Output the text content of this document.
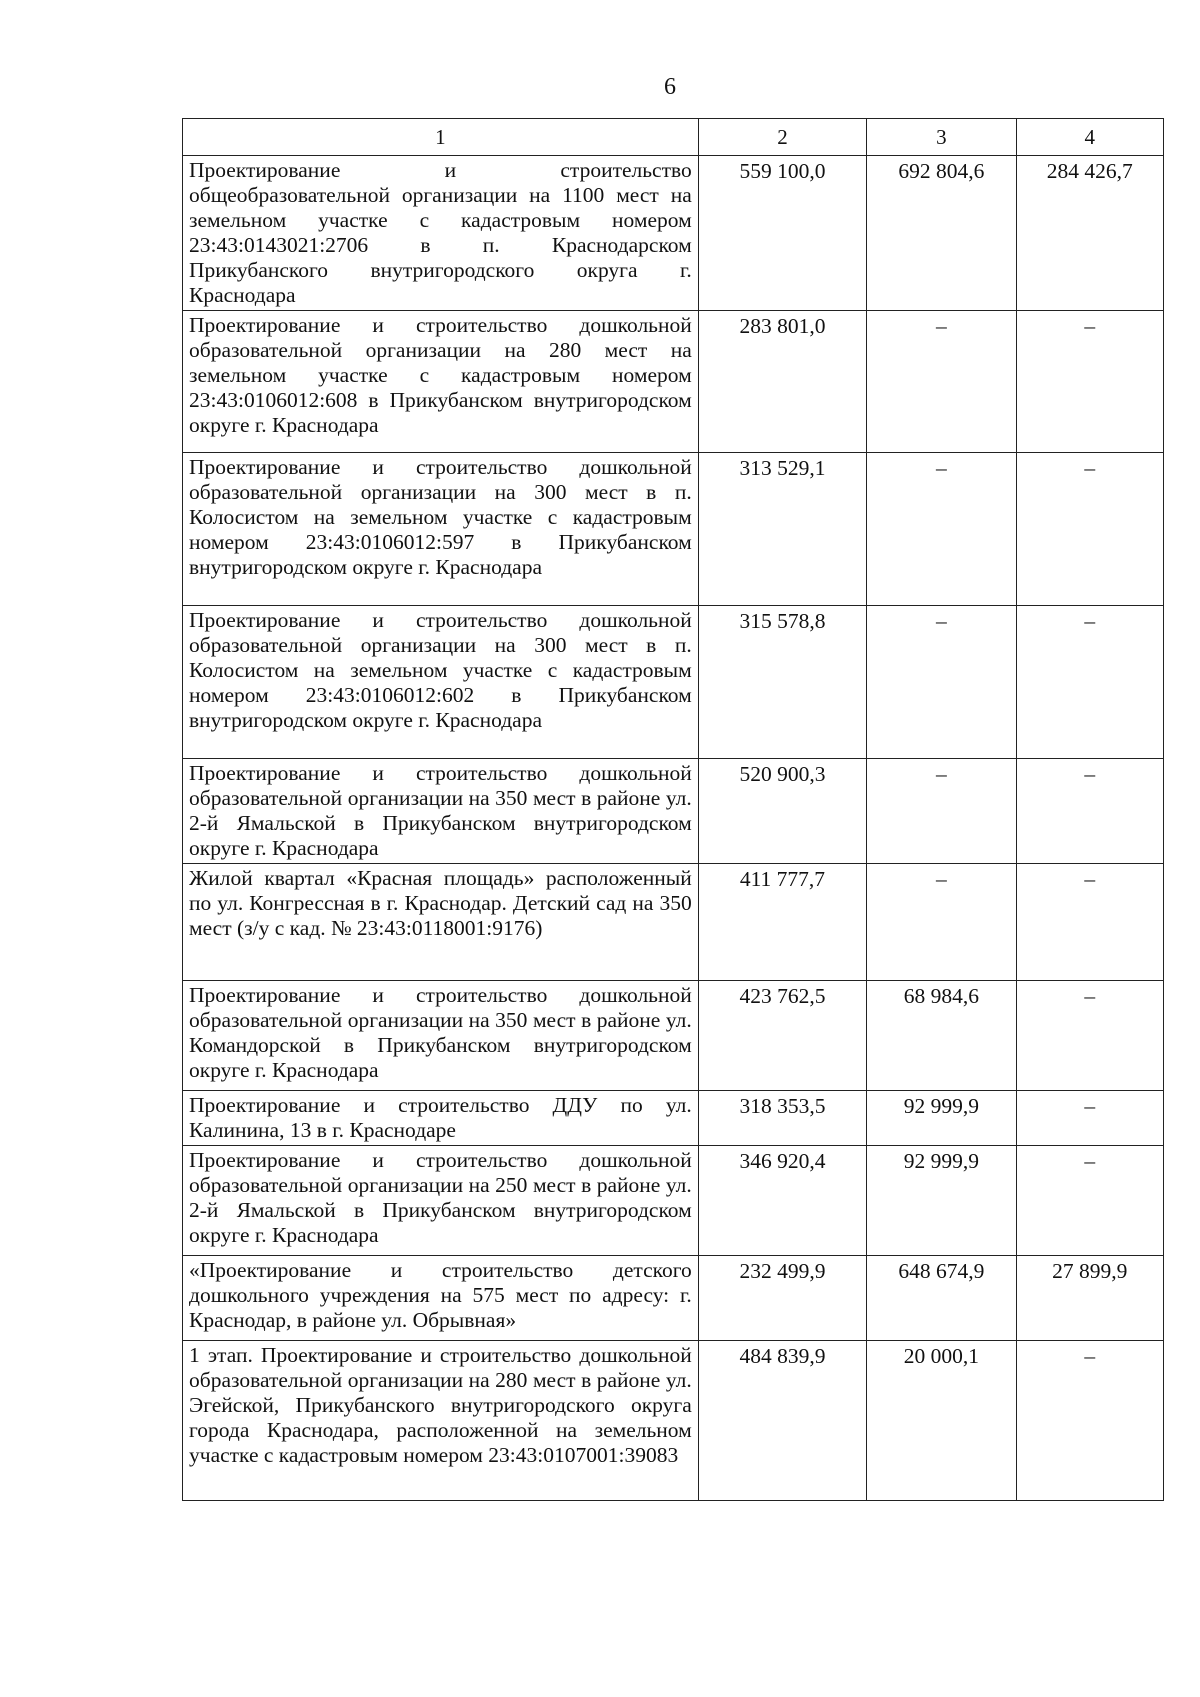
6
1	2	3	4
Проектирование и строительство общеобразовательной организации на 1100 мест на земельном участке с кадастровым номером 23:43:0143021:2706 в п. Краснодарском Прикубанского внутригородского округа г. Краснодара	559 100,0	692 804,6	284 426,7
Проектирование и строительство дошкольной образовательной организации на 280 мест на земельном участке с кадастровым номером 23:43:0106012:608 в Прикубанском внутригородском округе г. Краснодара	283 801,0	–	–
Проектирование и строительство дошкольной образовательной организации на 300 мест в п. Колосистом на земельном участке с кадастровым номером 23:43:0106012:597 в Прикубанском внутригородском округе г. Краснодара	313 529,1	–	–
Проектирование и строительство дошкольной образовательной организации на 300 мест в п. Колосистом на земельном участке с кадастровым номером 23:43:0106012:602 в Прикубанском внутригородском округе г. Краснодара	315 578,8	–	–
Проектирование и строительство дошкольной образовательной организации на 350 мест в районе ул. 2-й Ямальской в Прикубанском внутригородском округе г. Краснодара	520 900,3	–	–
Жилой квартал «Красная площадь» расположенный по ул. Конгрессная в г. Краснодар. Детский сад на 350 мест (з/у с кад. № 23:43:0118001:9176)	411 777,7	–	–
Проектирование и строительство дошкольной образовательной организации на 350 мест в районе ул. Командорской в Прикубанском внутригородском округе г. Краснодара	423 762,5	68 984,6	–
Проектирование и строительство ДДУ по ул. Калинина, 13 в г. Краснодаре	318 353,5	92 999,9	–
Проектирование и строительство дошкольной образовательной организации на 250 мест в районе ул. 2-й Ямальской в Прикубанском внутригородском округе г. Краснодара	346 920,4	92 999,9	–
«Проектирование и строительство детского дошкольного учреждения на 575 мест по адресу: г. Краснодар, в районе ул. Обрывная»	232 499,9	648 674,9	27 899,9
1 этап. Проектирование и строительство дошкольной образовательной организации на 280 мест в районе ул. Эгейской, Прикубанского внутригородского округа города Краснодара, расположенной на земельном участке с кадастровым номером 23:43:0107001:39083	484 839,9	20 000,1	–
